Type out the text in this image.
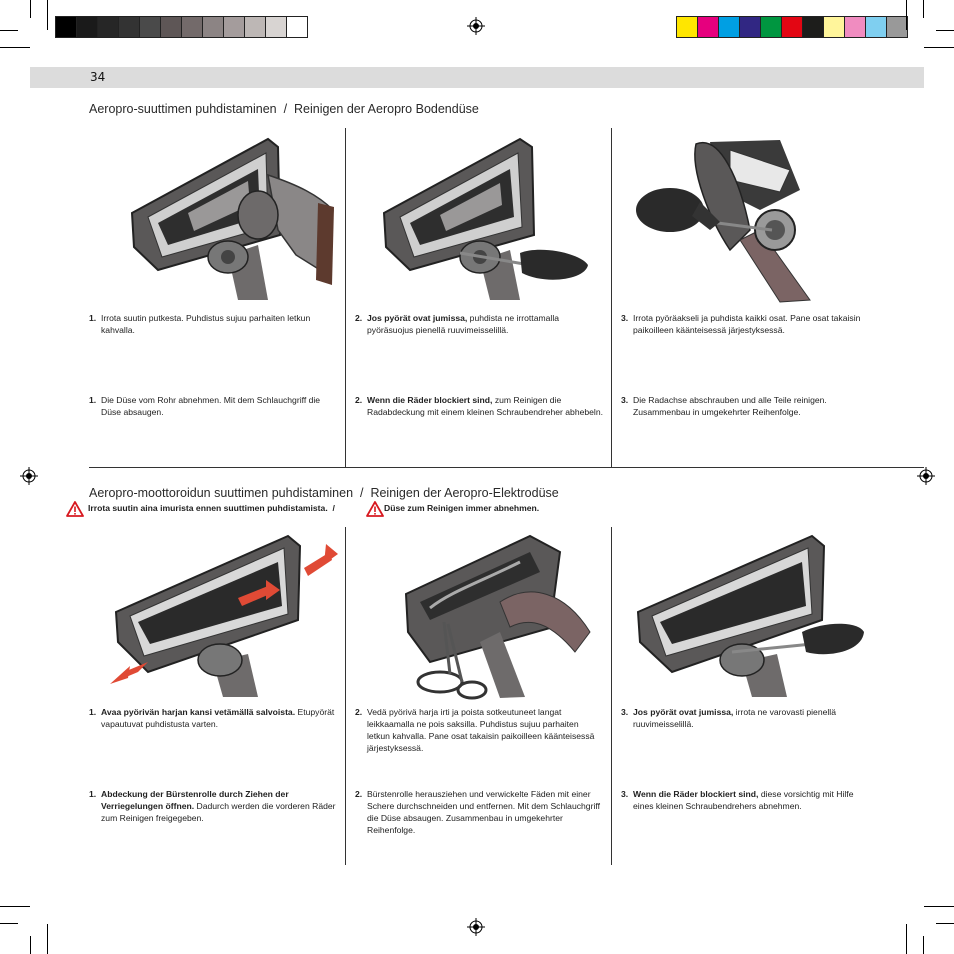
34
Aeropro-suuttimen puhdistaminen / Reinigen der Aeropro Bodendüse
1. Irrota suutin putkesta. Puhdistus sujuu parhaiten letkun kahvalla.
1. Die Düse vom Rohr abnehmen. Mit dem Schlauchgriff die Düse absaugen.
2. Jos pyörät ovat jumissa, puhdista ne irrottamalla pyöräsuojus pienellä ruuvimeisselillä.
2. Wenn die Räder blockiert sind, zum Reinigen die Radabdeckung mit einem kleinen Schraubendreher abhebeln.
3. Irrota pyöräakseli ja puhdista kaikki osat. Pane osat takaisin paikoilleen käänteisessä järjestyksessä.
3. Die Radachse abschrauben und alle Teile reinigen. Zusammenbau in umgekehrter Reihenfolge.
Aeropro-moottoroidun suuttimen puhdistaminen / Reinigen der Aeropro-Elektrodüse
Irrota suutin aina imurista ennen suuttimen puhdistamista. /	Düse zum Reinigen immer abnehmen.
1. Avaa pyörivän harjan kansi vetämällä salvoista. Etupyörät vapautuvat puhdistusta varten.
1. Abdeckung der Bürstenrolle durch Ziehen der Verriegelungen öffnen. Dadurch werden die vorderen Räder zum Reinigen freigegeben.
2. Vedä pyörivä harja irti ja poista sotkeutuneet langat leikkaamalla ne pois saksilla. Puhdistus sujuu parhaiten letkun kahvalla. Pane osat takaisin paikoilleen käänteisessä järjestyksessä.
2. Bürstenrolle herausziehen und verwickelte Fäden mit einer Schere durchschneiden und entfernen. Mit dem Schlauchgriff die Düse absaugen. Zusammenbau in umgekehrter Reihenfolge.
3. Jos pyörät ovat jumissa, irrota ne varovasti pienellä ruuvimeisselillä.
3. Wenn die Räder blockiert sind, diese vorsichtig mit Hilfe eines kleinen Schraubendrehers abnehmen.
